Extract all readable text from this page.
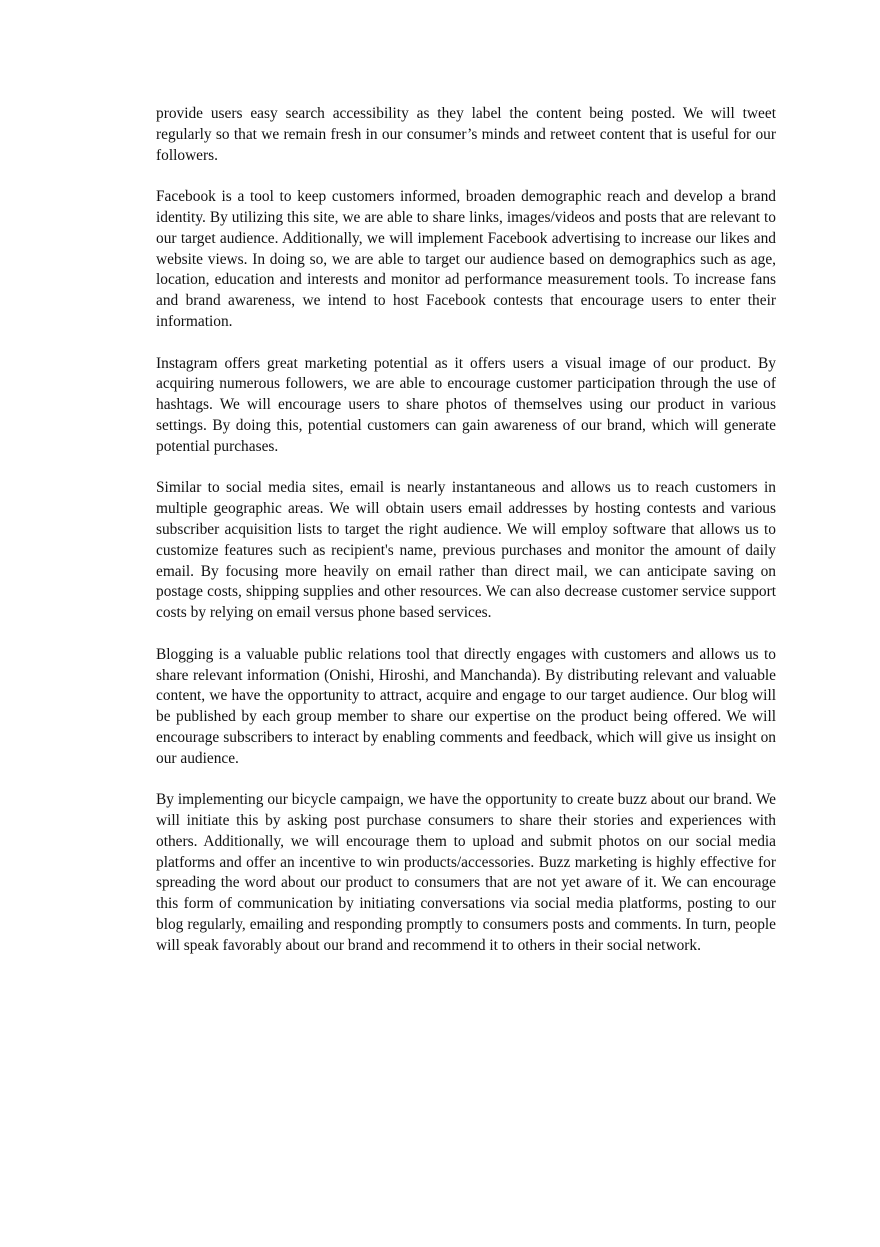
provide users easy search accessibility as they label the content being posted. We will tweet regularly so that we remain fresh in our consumer’s minds and retweet content that is useful for our followers.

Facebook is a tool to keep customers informed, broaden demographic reach and develop a brand identity. By utilizing this site, we are able to share links, images/videos and posts that are relevant to our target audience. Additionally, we will implement Facebook advertising to increase our likes and website views. In doing so, we are able to target our audience based on demographics such as age, location, education and interests and monitor ad performance measurement tools. To increase fans and brand awareness, we intend to host Facebook contests that encourage users to enter their information.

Instagram offers great marketing potential as it offers users a visual image of our product. By acquiring numerous followers, we are able to encourage customer participation through the use of hashtags. We will encourage users to share photos of themselves using our product in various settings. By doing this, potential customers can gain awareness of our brand, which will generate potential purchases.

Similar to social media sites, email is nearly instantaneous and allows us to reach customers in multiple geographic areas. We will obtain users email addresses by hosting contests and various subscriber acquisition lists to target the right audience. We will employ software that allows us to customize features such as recipient's name, previous purchases and monitor the amount of daily email. By focusing more heavily on email rather than direct mail, we can anticipate saving on postage costs, shipping supplies and other resources. We can also decrease customer service support costs by relying on email versus phone based services.

Blogging is a valuable public relations tool that directly engages with customers and allows us to share relevant information (Onishi, Hiroshi, and Manchanda). By distributing relevant and valuable content, we have the opportunity to attract, acquire and engage to our target audience. Our blog will be published by each group member to share our expertise on the product being offered. We will encourage subscribers to interact by enabling comments and feedback, which will give us insight on our audience.

By implementing our bicycle campaign, we have the opportunity to create buzz about our brand. We will initiate this by asking post purchase consumers to share their stories and experiences with others. Additionally, we will encourage them to upload and submit photos on our social media platforms and offer an incentive to win products/accessories. Buzz marketing is highly effective for spreading the word about our product to consumers that are not yet aware of it. We can encourage this form of communication by initiating conversations via social media platforms, posting to our blog regularly, emailing and responding promptly to consumers posts and comments. In turn, people will speak favorably about our brand and recommend it to others in their social network.
